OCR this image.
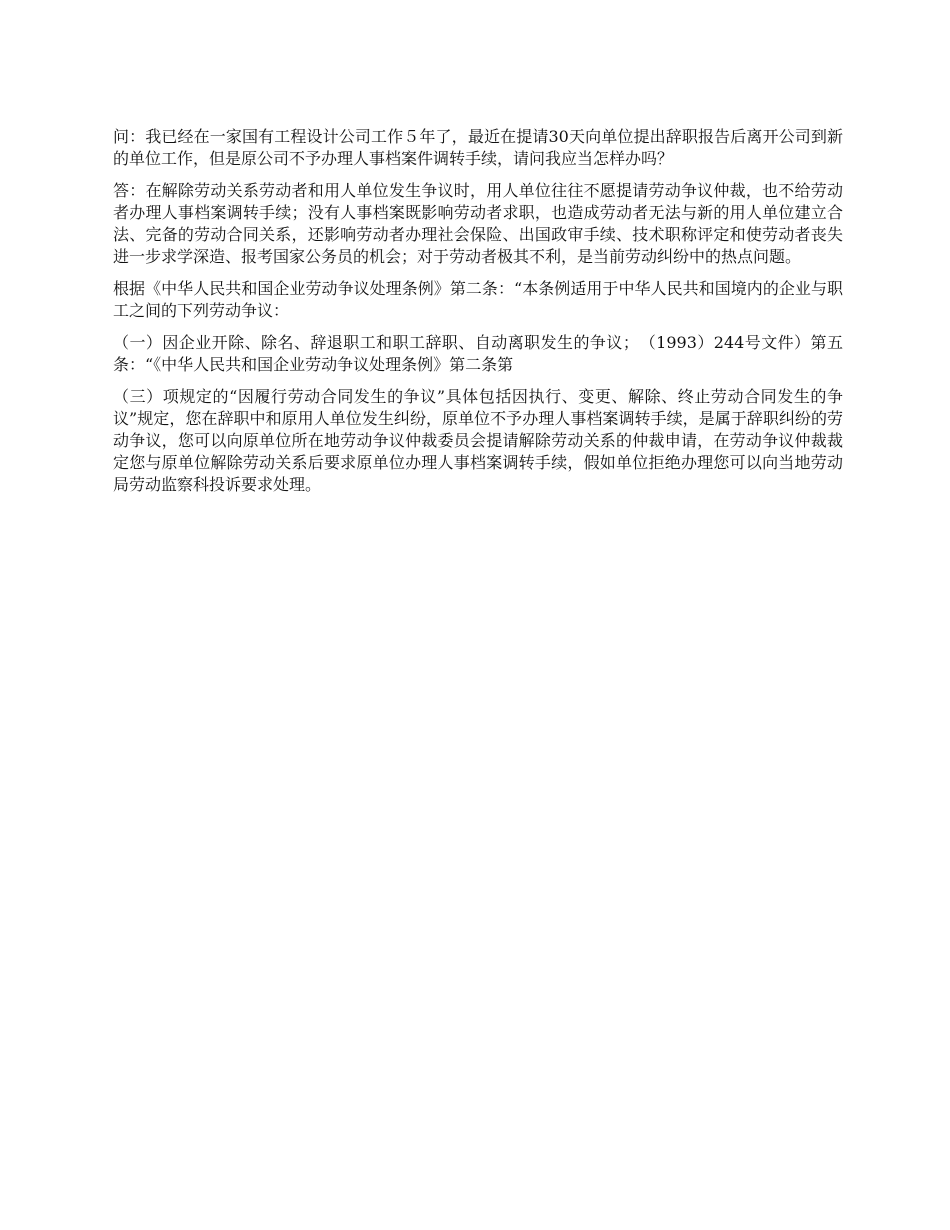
问：我已经在一家国有工程设计公司工作５年了，最近在提请30天向单位提出辞职报告后离开公司到新的单位工作，但是原公司不予办理人事档案件调转手续，请问我应当怎样办吗？

答：在解除劳动关系劳动者和用人单位发生争议时，用人单位往往不愿提请劳动争议仲裁，也不给劳动者办理人事档案调转手续；没有人事档案既影响劳动者求职，也造成劳动者无法与新的用人单位建立合法、完备的劳动合同关系，还影响劳动者办理社会保险、出国政审手续、技术职称评定和使劳动者丧失进一步求学深造、报考国家公务员的机会；对于劳动者极其不利，是当前劳动纠纷中的热点问题。

根据《中华人民共和国企业劳动争议处理条例》第二条：“本条例适用于中华人民共和国境内的企业与职工之间的下列劳动争议：

（一）因企业开除、除名、辞退职工和职工辞职、自动离职发生的争议；　（1993）244号文件）第五条：“《中华人民共和国企业劳动争议处理条例》第二条第

（三）项规定的“因履行劳动合同发生的争议”具体包括因执行、变更、解除、终止劳动合同发生的争议”规定，您在辞职中和原用人单位发生纠纷，原单位不予办理人事档案调转手续，是属于辞职纠纷的劳动争议，您可以向原单位所在地劳动争议仲裁委员会提请解除劳动关系的仲裁申请，在劳动争议仲裁裁定您与原单位解除劳动关系后要求原单位办理人事档案调转手续，假如单位拒绝办理您可以向当地劳动局劳动监察科投诉要求处理。
